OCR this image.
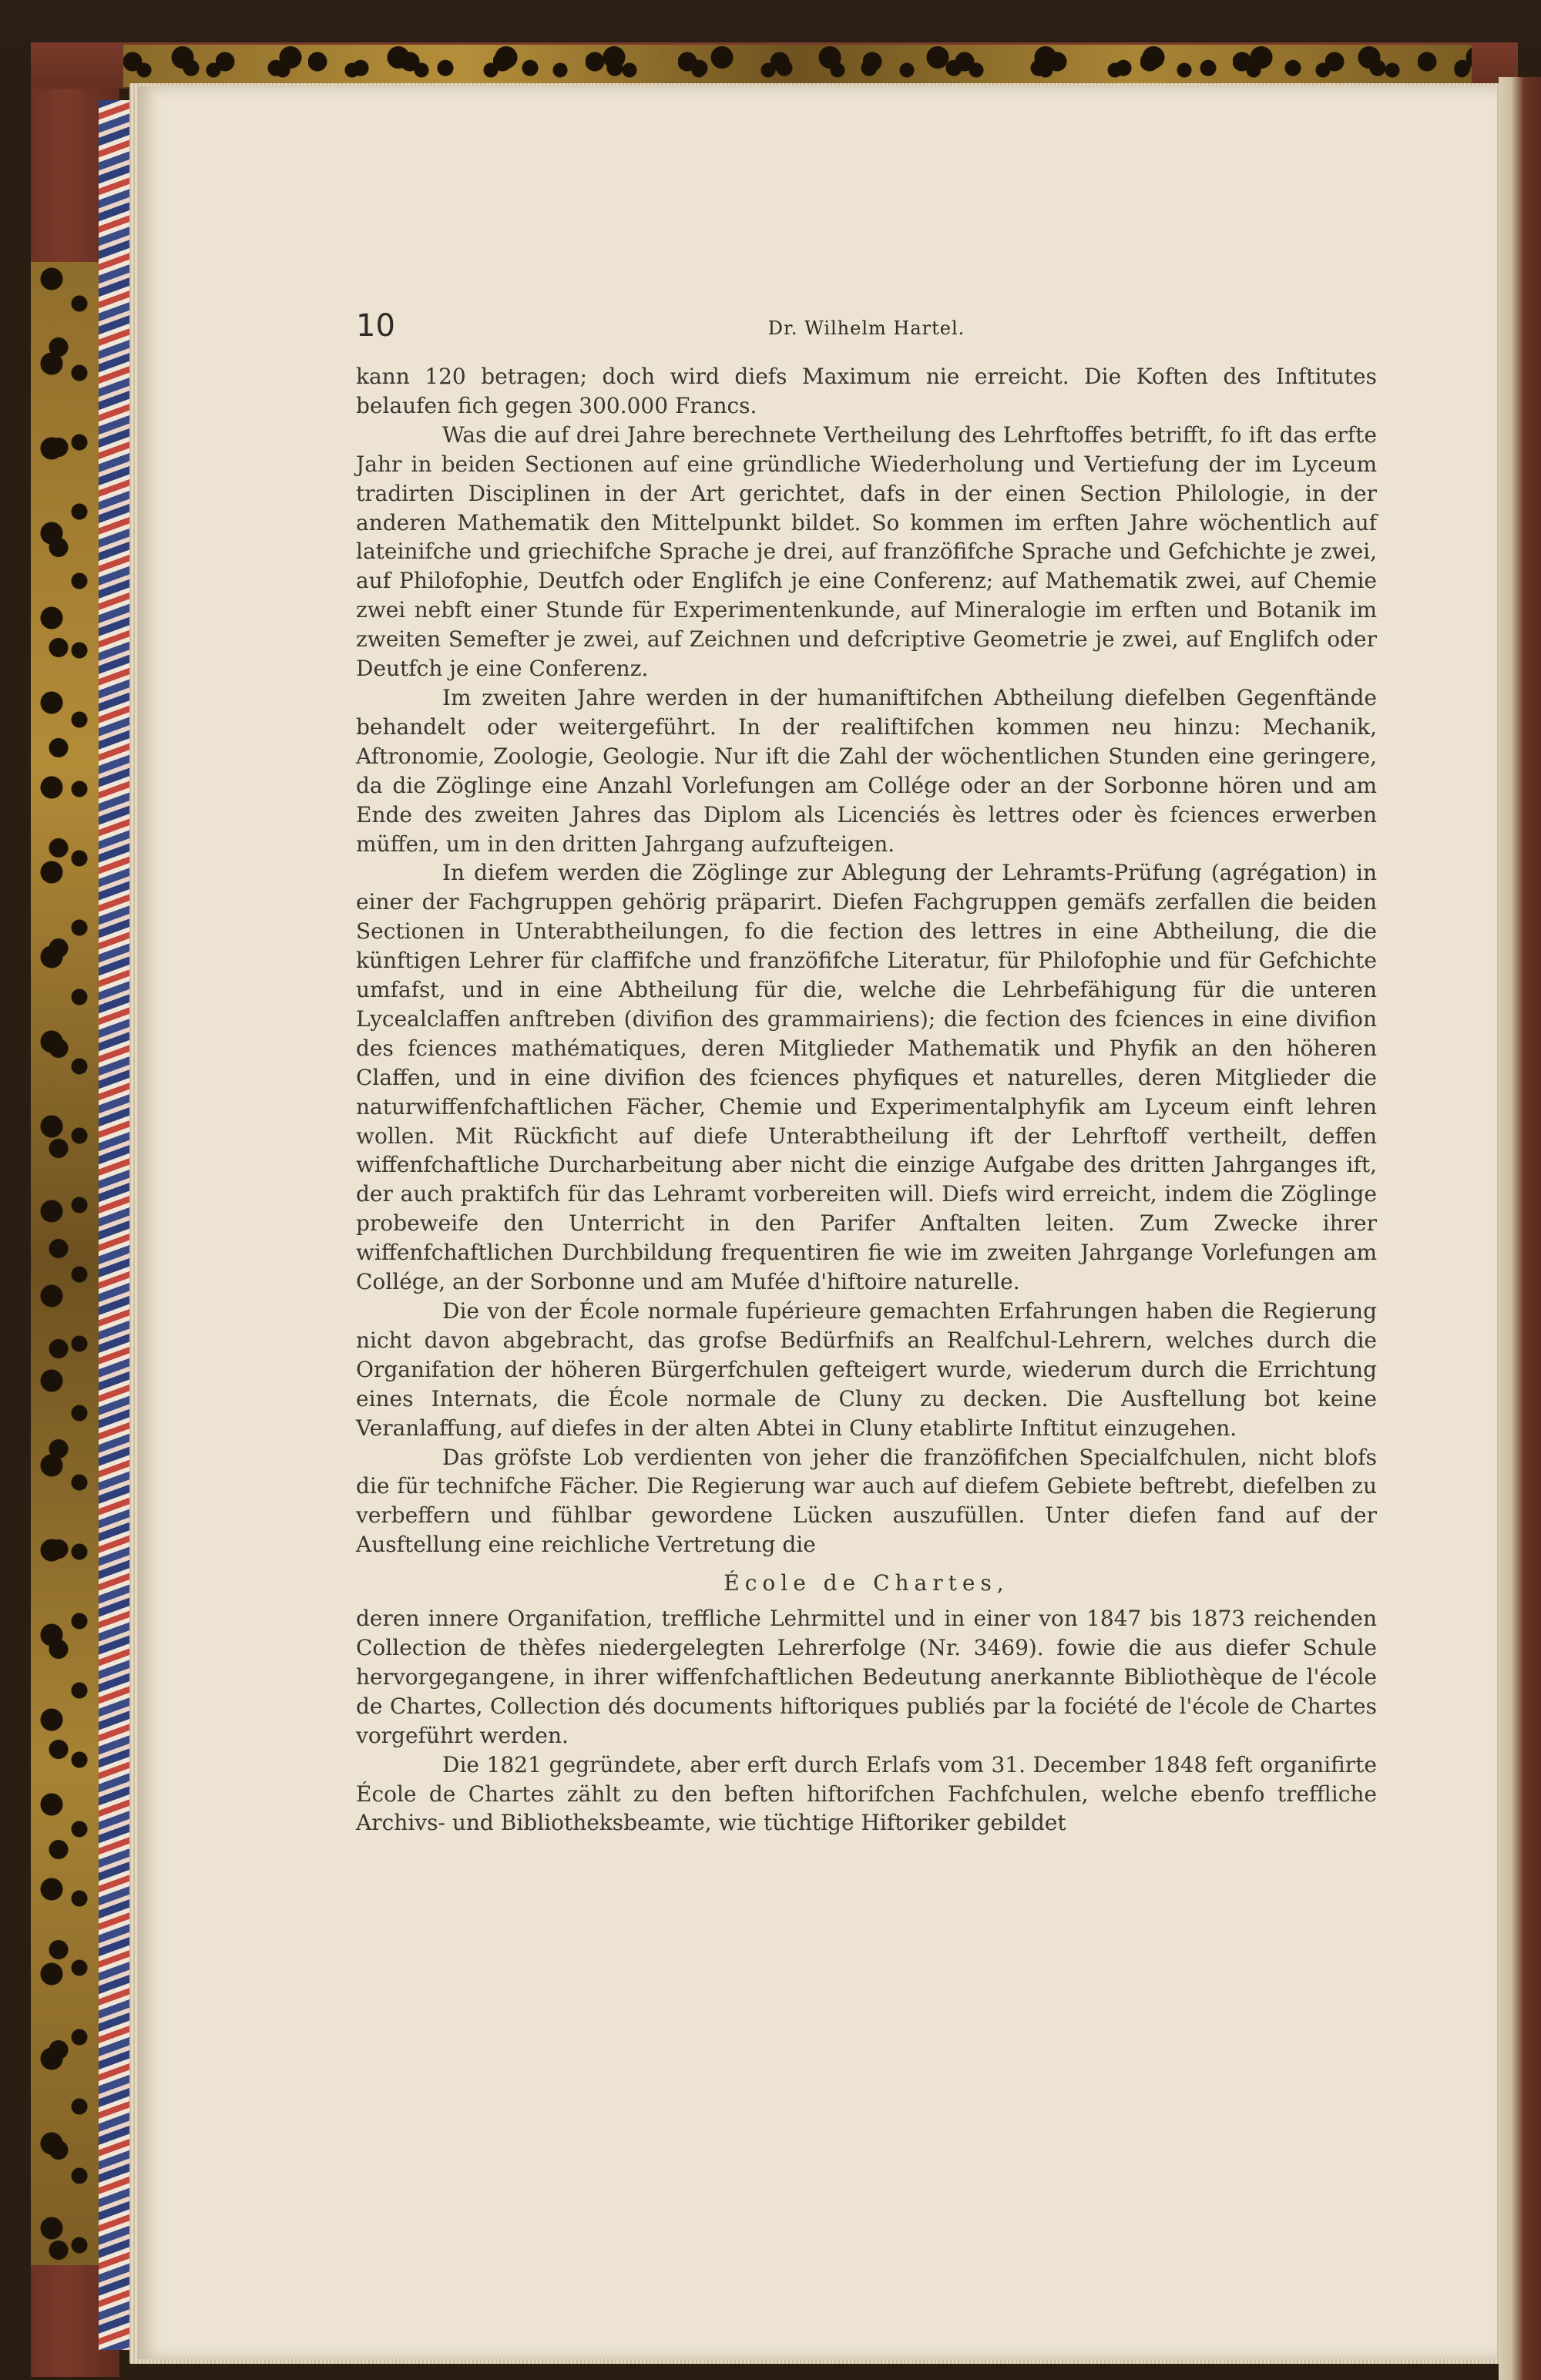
10	Dr. Wilhelm Hartel.

kann 120 betragen; doch wird diefs Maximum nie erreicht. Die Koften des Inftitutes belaufen fich gegen 300.000 Francs.

Was die auf drei Jahre berechnete Vertheilung des Lehrftoffes betrifft, fo ift das erfte Jahr in beiden Sectionen auf eine gründliche Wiederholung und Vertiefung der im Lyceum tradirten Disciplinen in der Art gerichtet, dafs in der einen Section Philologie, in der anderen Mathematik den Mittelpunkt bildet. So kommen im erften Jahre wöchentlich auf lateinifche und griechifche Sprache je drei, auf franzöfifche Sprache und Gefchichte je zwei, auf Philofophie, Deutfch oder Englifch je eine Conferenz; auf Mathematik zwei, auf Chemie zwei nebft einer Stunde für Experimentenkunde, auf Mineralogie im erften und Botanik im zweiten Semefter je zwei, auf Zeichnen und defcriptive Geometrie je zwei, auf Englifch oder Deutfch je eine Conferenz.

Im zweiten Jahre werden in der humaniftifchen Abtheilung diefelben Gegenftände behandelt oder weitergeführt. In der realiftifchen kommen neu hinzu: Mechanik, Aftronomie, Zoologie, Geologie. Nur ift die Zahl der wöchentlichen Stunden eine geringere, da die Zöglinge eine Anzahl Vorlefungen am Collége oder an der Sorbonne hören und am Ende des zweiten Jahres das Diplom als Licenciés ès lettres oder ès fciences erwerben müffen, um in den dritten Jahrgang aufzufteigen.

In diefem werden die Zöglinge zur Ablegung der Lehramts-Prüfung (agrégation) in einer der Fachgruppen gehörig präparirt. Diefen Fachgruppen gemäfs zerfallen die beiden Sectionen in Unterabtheilungen, fo die fection des lettres in eine Abtheilung, die die künftigen Lehrer für claffifche und franzöfifche Literatur, für Philofophie und für Gefchichte umfafst, und in eine Abtheilung für die, welche die Lehrbefähigung für die unteren Lycealclaffen anftreben (divifion des grammairiens); die fection des fciences in eine divifion des fciences mathématiques, deren Mitglieder Mathematik und Phyfik an den höheren Claffen, und in eine divifion des fciences phyfiques et naturelles, deren Mitglieder die naturwiffenfchaftlichen Fächer, Chemie und Experimentalphyfik am Lyceum einft lehren wollen. Mit Rückficht auf diefe Unterabtheilung ift der Lehrftoff vertheilt, deffen wiffenfchaftliche Durcharbeitung aber nicht die einzige Aufgabe des dritten Jahrganges ift, der auch praktifch für das Lehramt vorbereiten will. Diefs wird erreicht, indem die Zöglinge probeweife den Unterricht in den Parifer Anftalten leiten. Zum Zwecke ihrer wiffenfchaftlichen Durchbildung frequentiren fie wie im zweiten Jahrgange Vorlefungen am Collége, an der Sorbonne und am Mufée d'hiftoire naturelle.

Die von der École normale fupérieure gemachten Erfahrungen haben die Regierung nicht davon abgebracht, das grofse Bedürfnifs an Realfchul-Lehrern, welches durch die Organifation der höheren Bürgerfchulen gefteigert wurde, wiederum durch die Errichtung eines Internats, die École normale de Cluny zu decken. Die Ausftellung bot keine Veranlaffung, auf diefes in der alten Abtei in Cluny etablirte Inftitut einzugehen.

Das gröfste Lob verdienten von jeher die franzöfifchen Specialfchulen, nicht blofs die für technifche Fächer. Die Regierung war auch auf diefem Gebiete beftrebt, diefelben zu verbeffern und fühlbar gewordene Lücken auszufüllen. Unter diefen fand auf der Ausftellung eine reichliche Vertretung die

École de Chartes,

deren innere Organifation, treffliche Lehrmittel und in einer von 1847 bis 1873 reichenden Collection de thèfes niedergelegten Lehrerfolge (Nr. 3469). fowie die aus diefer Schule hervorgegangene, in ihrer wiffenfchaftlichen Bedeutung anerkannte Bibliothèque de l'école de Chartes, Collection dés documents hiftoriques publiés par la fociété de l'école de Chartes vorgeführt werden.

Die 1821 gegründete, aber erft durch Erlafs vom 31. December 1848 feft organifirte École de Chartes zählt zu den beften hiftorifchen Fachfchulen, welche ebenfo treffliche Archivs- und Bibliotheksbeamte, wie tüchtige Hiftoriker gebildet
